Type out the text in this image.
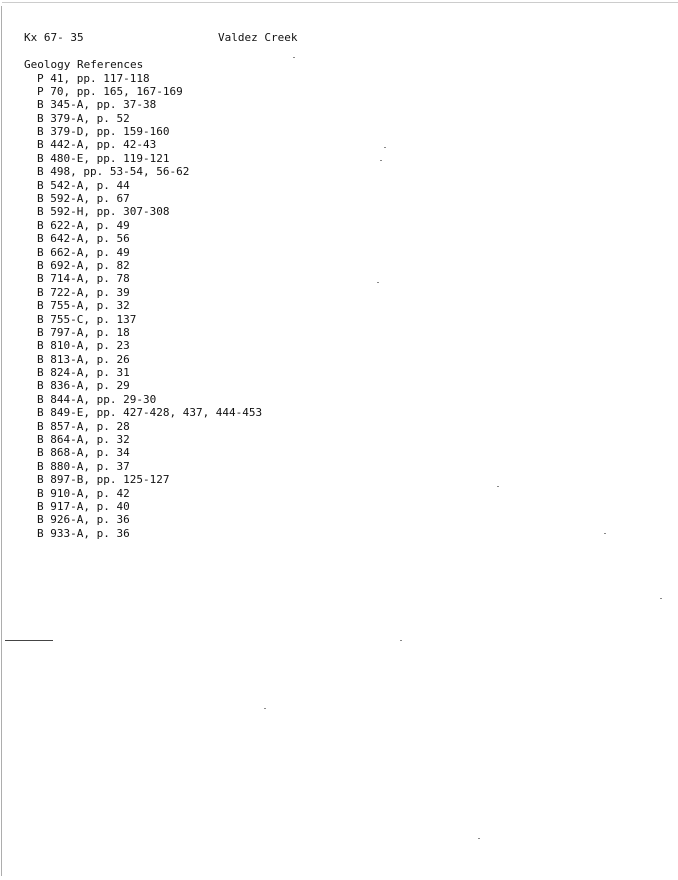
Kx 67- 35	Valdez Creek
Geology References
P 41, pp. 117-118
P 70, pp. 165, 167-169
B 345-A, pp. 37-38
B 379-A, p. 52
B 379-D, pp. 159-160
B 442-A, pp. 42-43
B 480-E, pp. 119-121
B 498, pp. 53-54, 56-62
B 542-A, p. 44
B 592-A, p. 67
B 592-H, pp. 307-308
B 622-A, p. 49
B 642-A, p. 56
B 662-A, p. 49
B 692-A, p. 82
B 714-A, p. 78
B 722-A, p. 39
B 755-A, p. 32
B 755-C, p. 137
B 797-A, p. 18
B 810-A, p. 23
B 813-A, p. 26
B 824-A, p. 31
B 836-A, p. 29
B 844-A, pp. 29-30
B 849-E, pp. 427-428, 437, 444-453
B 857-A, p. 28
B 864-A, p. 32
B 868-A, p. 34
B 880-A, p. 37
B 897-B, pp. 125-127
B 910-A, p. 42
B 917-A, p. 40
B 926-A, p. 36
B 933-A, p. 36
